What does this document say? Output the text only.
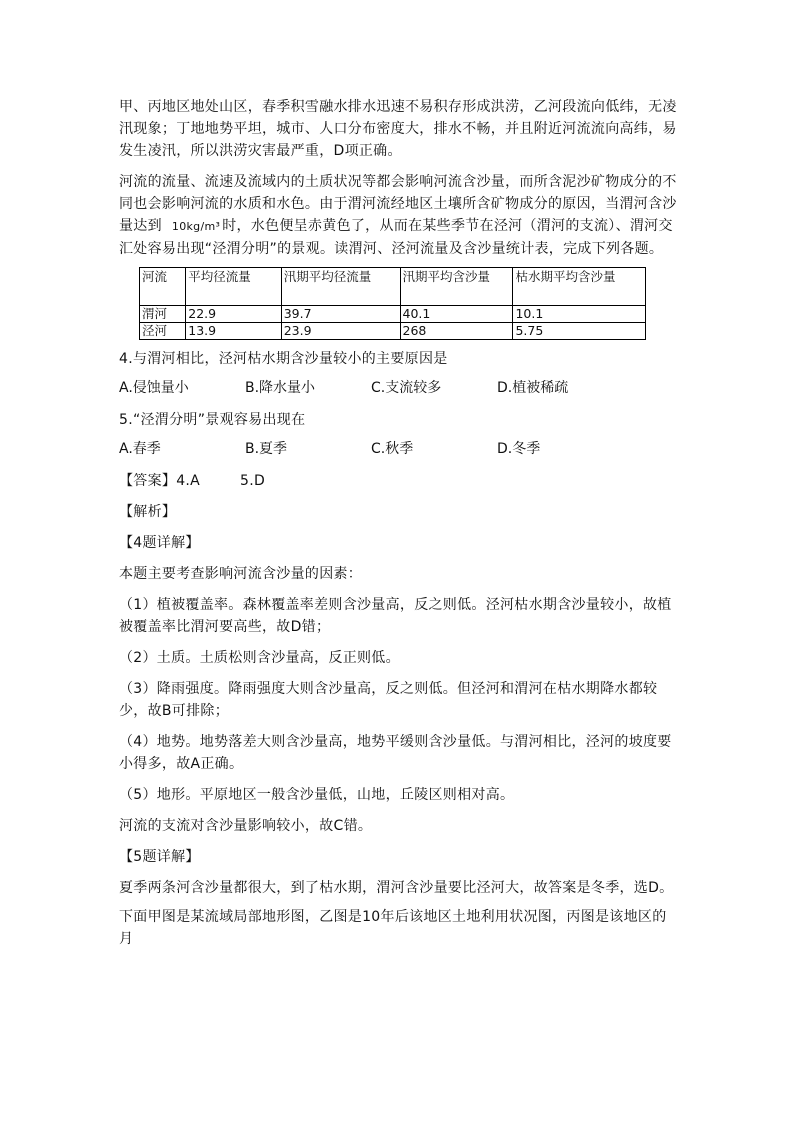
甲、丙地区地处山区，春季积雪融水排水迅速不易积存形成洪涝，乙河段流向低纬，无凌汛现象；丁地地势平坦，城市、人口分布密度大，排水不畅，并且附近河流流向高纬，易发生凌汛，所以洪涝灾害最严重，D项正确。

河流的流量、流速及流域内的土质状况等都会影响河流含沙量，而所含泥沙矿物成分的不同也会影响河流的水质和水色。由于渭河流经地区土壤所含矿物成分的原因，当渭河含沙量达到 10kg/m³ 时，水色便呈赤黄色了，从而在某些季节在泾河（渭河的支流）、渭河交汇处容易出现“泾渭分明”的景观。读渭河、泾河流量及含沙量统计表，完成下列各题。

河流	平均径流量	汛期平均径流量	汛期平均含沙量	枯水期平均含沙量
渭河	22.9	39.7	40.1	10.1
泾河	13.9	23.9	268	5.75

4.与渭河相比，泾河枯水期含沙量较小的主要原因是

A.侵蚀量小	B.降水量小	C.支流较多	D.植被稀疏

5.“泾渭分明”景观容易出现在

A.春季	B.夏季	C.秋季	D.冬季

【答案】4.A	5.D

【解析】

【4题详解】

本题主要考查影响河流含沙量的因素：

（1）植被覆盖率。森林覆盖率差则含沙量高，反之则低。泾河枯水期含沙量较小，故植被覆盖率比渭河要高些，故D错；

（2）土质。土质松则含沙量高，反正则低。

（3）降雨强度。降雨强度大则含沙量高，反之则低。但泾河和渭河在枯水期降水都较少，故B可排除；

（4）地势。地势落差大则含沙量高，地势平缓则含沙量低。与渭河相比，泾河的坡度要小得多，故A正确。

（5）地形。平原地区一般含沙量低，山地，丘陵区则相对高。

河流的支流对含沙量影响较小，故C错。

【5题详解】

夏季两条河含沙量都很大，到了枯水期，渭河含沙量要比泾河大，故答案是冬季，选D。

下面甲图是某流域局部地形图，乙图是10年后该地区土地利用状况图，丙图是该地区的月
